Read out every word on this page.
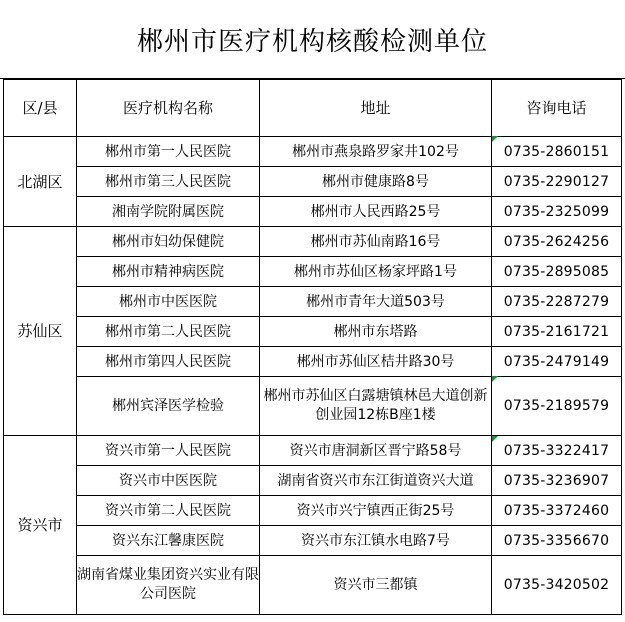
郴州市医疗机构核酸检测单位
区/县	医疗机构名称	地址	咨询电话
北湖区	郴州市第一人民医院	郴州市燕泉路罗家井102号	0735-2860151
	郴州市第三人民医院	郴州市健康路8号	0735-2290127
	湘南学院附属医院	郴州市人民西路25号	0735-2325099
苏仙区	郴州市妇幼保健院	郴州市苏仙南路16号	0735-2624256
	郴州市精神病医院	郴州市苏仙区杨家坪路1号	0735-2895085
	郴州市中医医院	郴州市青年大道503号	0735-2287279
	郴州市第二人民医院	郴州市东塔路	0735-2161721
	郴州市第四人民医院	郴州市苏仙区桔井路30号	0735-2479149
	郴州宾泽医学检验	郴州市苏仙区白露塘镇林邑大道创新创业园12栋B座1楼	0735-2189579
资兴市	资兴市第一人民医院	资兴市唐洞新区晋宁路58号	0735-3322417
	资兴市中医医院	湖南省资兴市东江街道资兴大道	0735-3236907
	资兴市第二人民医院	资兴市兴宁镇西正街25号	0735-3372460
	资兴东江馨康医院	资兴市东江镇水电路7号	0735-3356670
	湖南省煤业集团资兴实业有限公司医院	资兴市三都镇	0735-3420502
